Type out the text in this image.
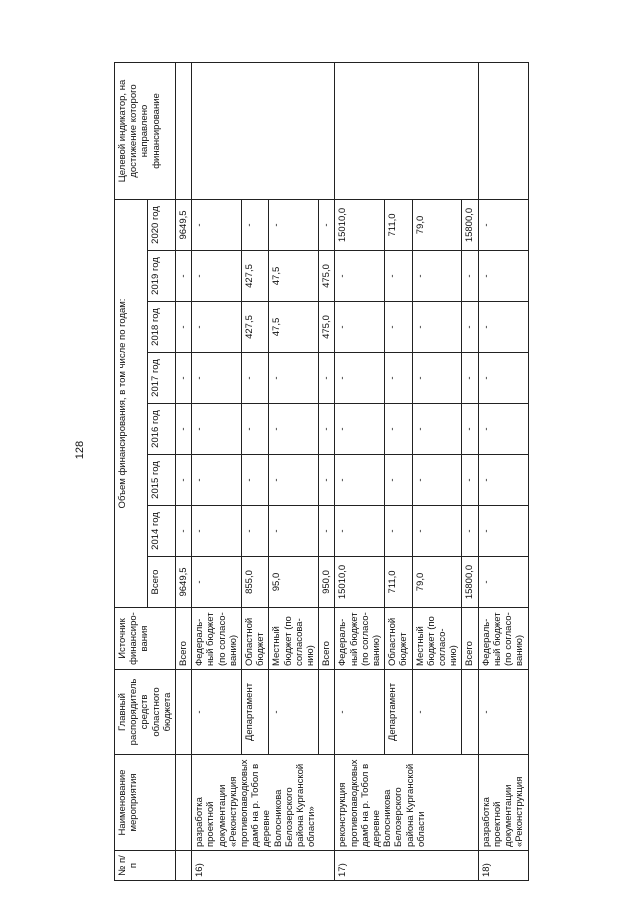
128
№ п/п	Наименование мероприятия	Главный распорядитель средств областного бюджета	Источник финансиро-вания	Объем финансирования, в том числе по годам:								Целевой индикатор, на достижение которого направлено финансирование
				Всего	2014 год	2015 год	2016 год	2017 год	2018 год	2019 год	2020 год	
			Всего	9649,5	-	-	-	-	-	-	9649,5	
16)	разработка проектной документации «Реконструкция противопаводковых дамб на р. Тобол в деревне Волосникова Белозерского района Курганской области»	-	Федераль-ный бюджет (по согласо-ванию)	-	-	-	-	-	-	-	-	
		Департамент	Областной бюджет	855,0	-	-	-	-	427,5	427,5	-	
		-	Местный бюджет (по согласова-нию)	95,0	-	-	-	-	47,5	47,5	-	
			Всего	950,0	-	-	-	-	475,0	475,0	-	
17)	реконструкция противопаводковых дамб на р. Тобол в деревне Волосникова Белозерского района Курганской области	-	Федераль-ный бюджет (по согласо-ванию)	15010,0	-	-	-	-	-	-	15010,0	
		Департамент	Областной бюджет	711,0	-	-	-	-	-	-	711,0	
		-	Местный бюджет (по согласо-нию)	79,0	-	-	-	-	-	-	79,0	
			Всего	15800,0	-	-	-	-	-	-	15800,0	
18)	разработка проектной документации «Реконструкция	-	Федераль-ный бюджет (по согласо-ванию)	-	-	-	-	-	-	-	-	
